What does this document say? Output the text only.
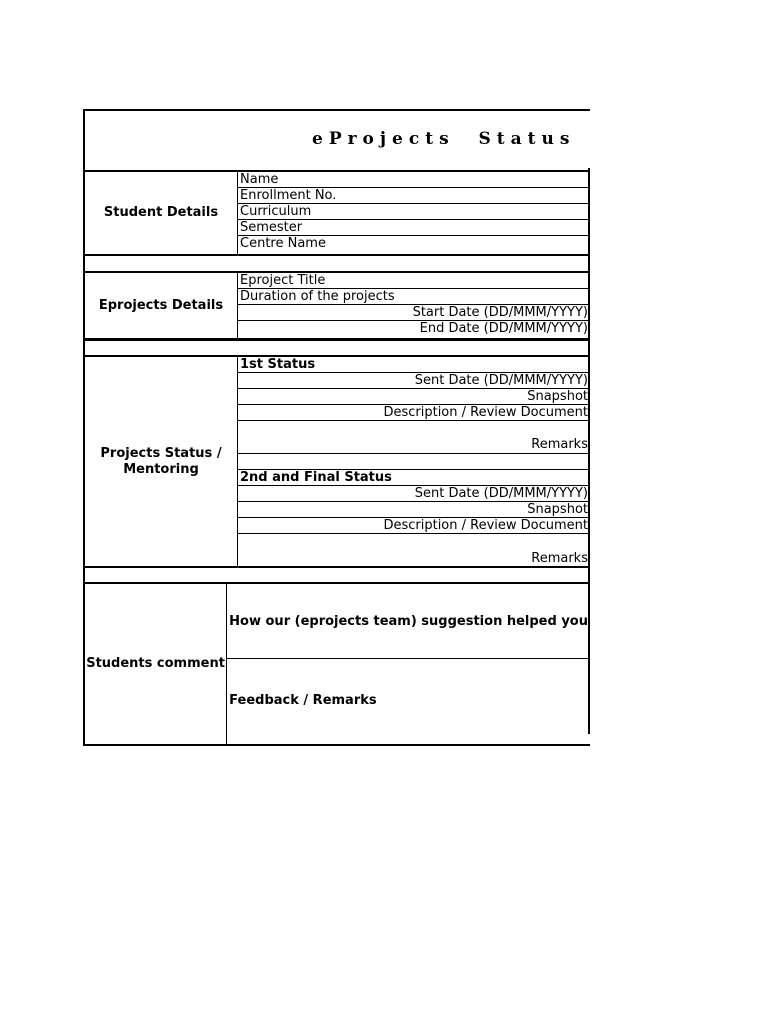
eProjects  Status
Student Details
Name
Enrollment No.
Curriculum
Semester
Centre Name
Eprojects Details
Eproject Title
Duration of the projects
Start Date (DD/MMM/YYYY)
End Date (DD/MMM/YYYY)
Projects Status / Mentoring
1st Status
Sent Date (DD/MMM/YYYY)
Snapshot
Description / Review Document
Remarks
2nd and Final Status
Sent Date (DD/MMM/YYYY)
Snapshot
Description / Review Document
Remarks
Students comment
How our (eprojects team) suggestion helped you
Feedback / Remarks
